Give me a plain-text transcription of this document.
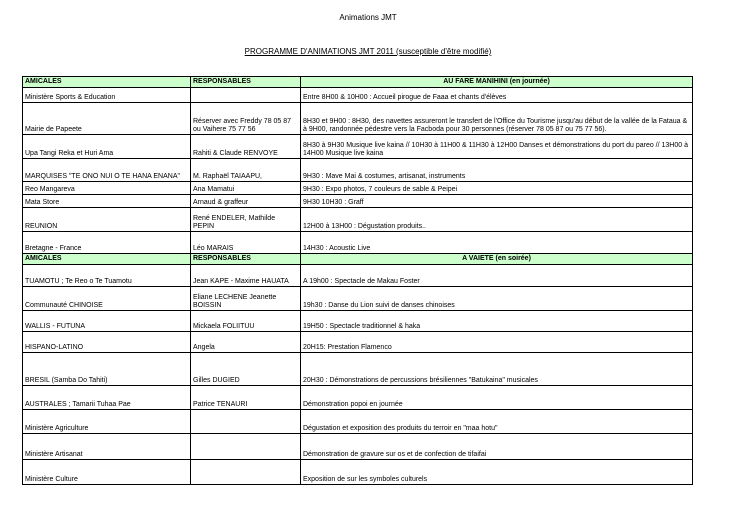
Animations JMT
PROGRAMME D'ANIMATIONS JMT 2011 (susceptible d'être modifié)
AMICALES	RESPONSABLES	AU FARE MANIHINI (en journée)
Ministère Sports & Education		Entre 8H00 & 10H00 : Accueil pirogue de Faaa et chants d'élèves
Mairie de Papeete	Réserver avec Freddy 78 05 87 ou Vaihere 75 77 56	8H30 et 9H00 : 8H30, des navettes assureront le transfert de l'Office du Tourisme jusqu'au début de la vallée de la Fataua & à 9H00, randonnée pédestre vers la Facboda pour 30 personnes (réserver 78 05 87 ou 75 77 56).
Upa Tangi Reka et Huri Ama	Rahiti & Claude RENVOYE	8H30 à 9H30 Musique live kaina // 10H30 à 11H00 & 11H30 à 12H00 Danses et démonstrations du port du pareo // 13H00 à 14H00 Musique live kaina
MARQUISES "TE ONO NUI O TE HANA ENANA"	M. Raphaël TAIAAPU,	9H30 : Mave Mai & costumes, artisanat, instruments
Reo Mangareva	Ana Mamatui	9H30 : Expo photos, 7 couleurs de sable & Peipei
Mata Store	Arnaud & graffeur	9H30 10H30 : Graff
REUNION	René ENDELER, Mathilde PEPIN	12H00 à 13H00 : Dégustation produits..
Bretagne - France	Léo MARAIS	14H30 : Acoustic Live
AMICALES	RESPONSABLES	A VAIETE (en soirée)
TUAMOTU ; Te Reo o Te Tuamotu	Jean KAPE - Maxime HAUATA	A 19h00 : Spectacle de Makau Foster
Communauté CHINOISE	Eliane LECHENE Jeanette BOISSIN	19h30 : Danse du Lion suivi de danses chinoises
WALLIS - FUTUNA	Mickaela FOLIITUU	19H50 : Spectacle traditionnel & haka
HISPANO-LATINO	Angela	20H15: Prestation Flamenco
BRESIL (Samba Do Tahiti)	Gilles DUGIED	20H30 : Démonstrations de percussions brésiliennes "Batukaina" musicales
AUSTRALES ; Tamarii Tuhaa Pae	Patrice TENAURI	Démonstration popoi en journée
Ministère Agriculture		Dégustation et exposition des produits du terroir en "maa hotu"
Ministère Artisanat		Démonstration de gravure sur os et de confection de tifaifai
Ministère Culture		Exposition de sur les symboles culturels
